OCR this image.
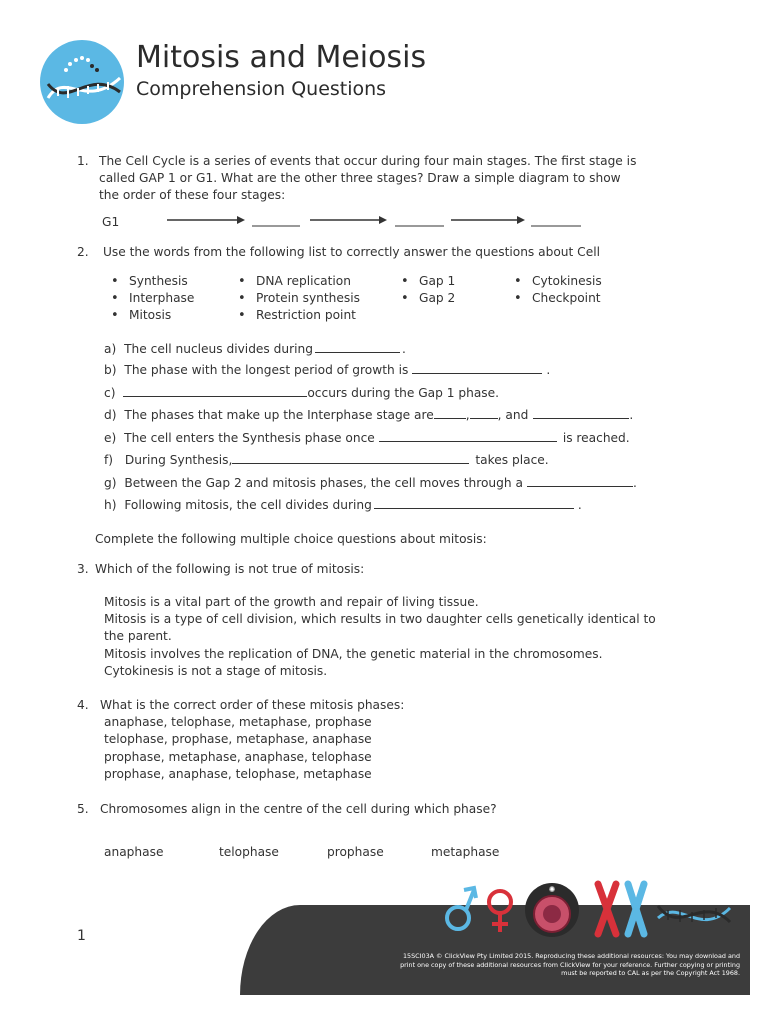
Mitosis and Meiosis
Comprehension Questions
1. The Cell Cycle is a series of events that occur during four main stages. The first stage is
called GAP 1 or G1. What are the other three stages? Draw a simple diagram to show
the order of these four stages:
G1
2. Use the words from the following list to correctly answer the questions about Cell
• Synthesis
• Interphase
• Mitosis
• DNA replication
• Protein synthesis
• Restriction point
• Gap 1
• Gap 2
• Cytokinesis
• Checkpoint
a) The cell nucleus divides during	.
b) The phase with the longest period of growth is	.
c)	occurs during the Gap 1 phase.
d) The phases that make up the Interphase stage are	, , and	.
e) The cell enters the Synthesis phase once	is reached.
f) During Synthesis,	takes place.
g) Between the Gap 2 and mitosis phases, the cell moves through a	.
h) Following mitosis, the cell divides during	.
Complete the following multiple choice questions about mitosis:
3. Which of the following is not true of mitosis:
Mitosis is a vital part of the growth and repair of living tissue.
Mitosis is a type of cell division, which results in two daughter cells genetically identical to
the parent.
Mitosis involves the replication of DNA, the genetic material in the chromosomes.
Cytokinesis is not a stage of mitosis.
4. What is the correct order of these mitosis phases:
anaphase, telophase, metaphase, prophase
telophase, prophase, metaphase, anaphase
prophase, metaphase, anaphase, telophase
prophase, anaphase, telophase, metaphase
5. Chromosomes align in the centre of the cell during which phase?
anaphase	telophase	prophase	metaphase
✺
15SCI03A © ClickView Pty Limited 2015. Reproducing these additional resources: You may download and print one copy of these additional resources from ClickView for your reference. Further copying or printing must be reported to CAL as per the Copyright Act 1968.
1
